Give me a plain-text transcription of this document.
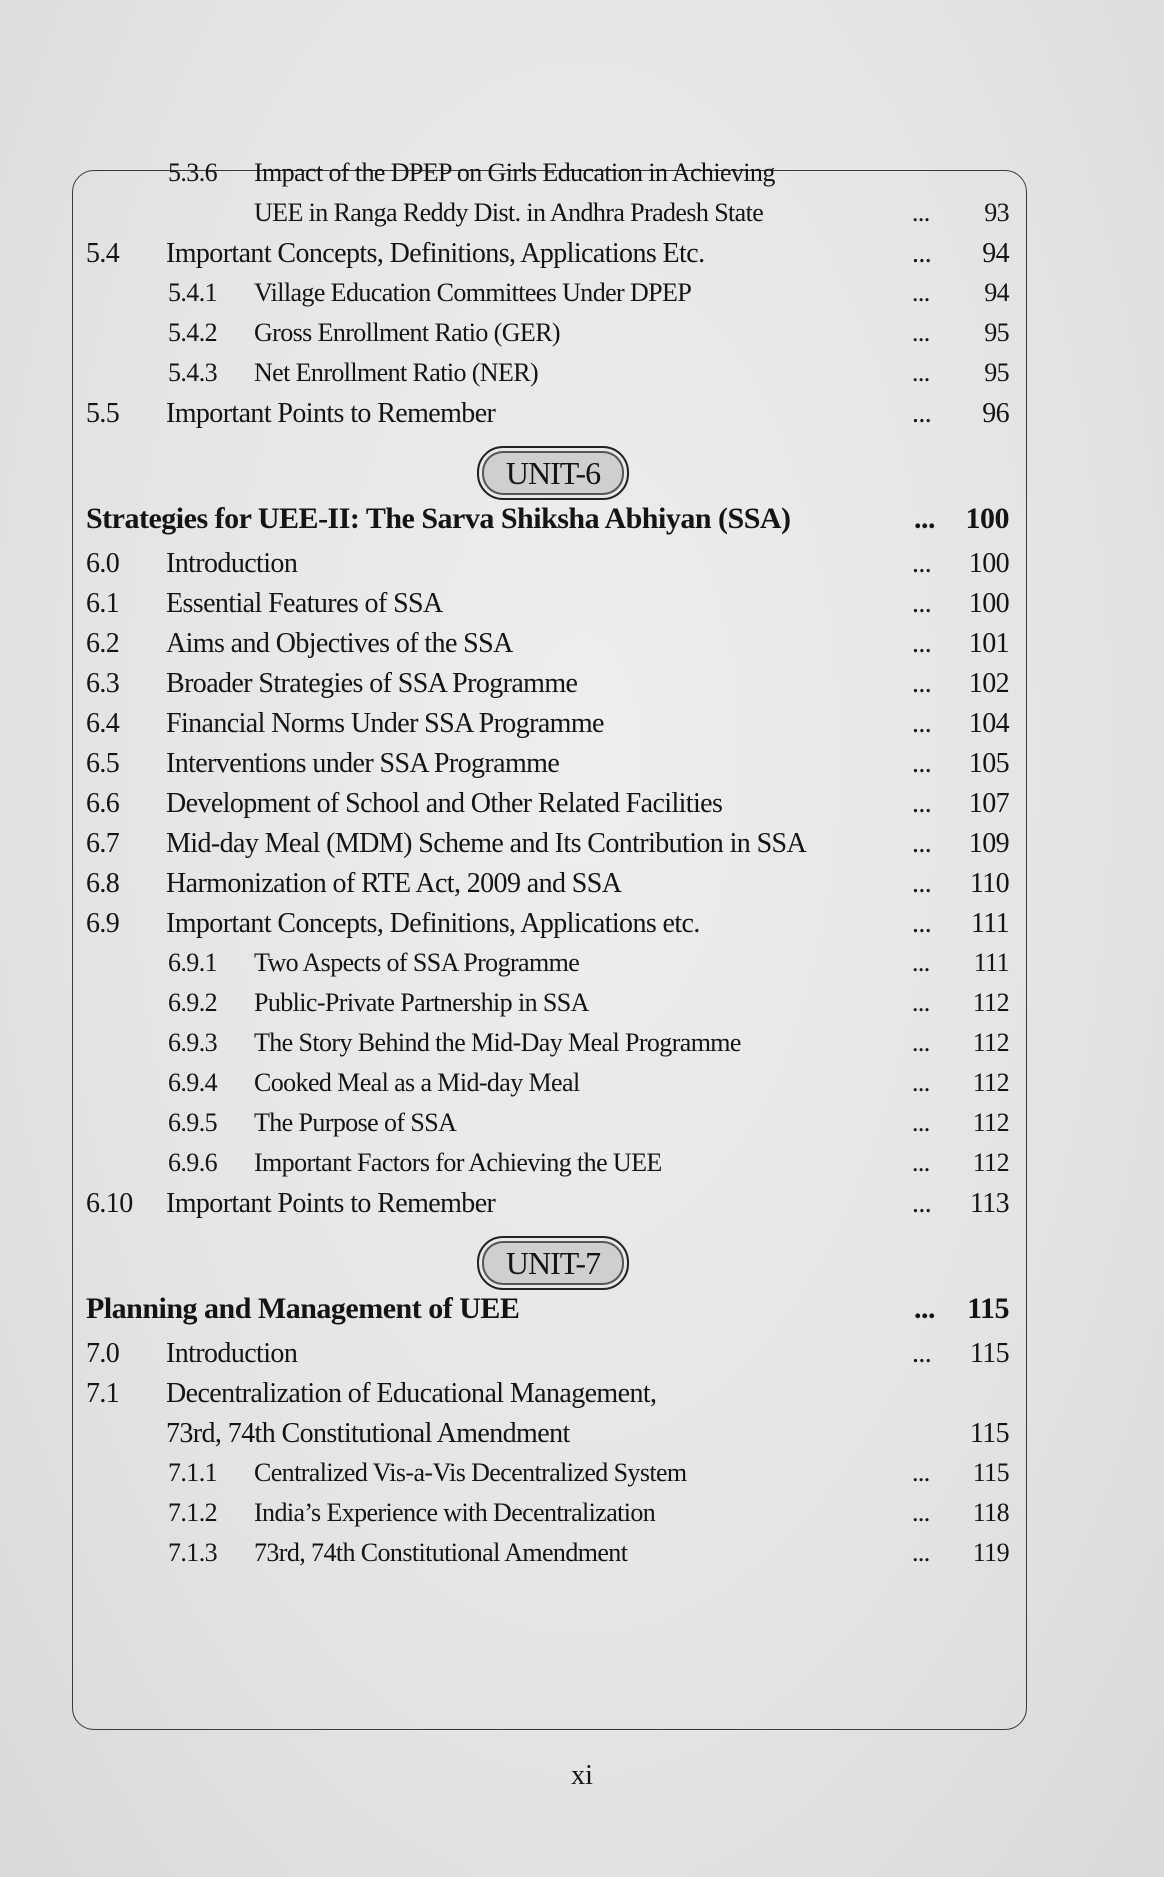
5.3.6 Impact of the DPEP on Girls Education in Achieving
UEE in Ranga Reddy Dist. in Andhra Pradesh State	... 93
5.4 Important Concepts, Definitions, Applications Etc.	... 94
5.4.1 Village Education Committees Under DPEP	... 94
5.4.2 Gross Enrollment Ratio (GER)	... 95
5.4.3 Net Enrollment Ratio (NER)	... 95
5.5 Important Points to Remember	... 96
UNIT-6
Strategies for UEE-II: The Sarva Shiksha Abhiyan (SSA)	... 100
6.0 Introduction	... 100
6.1 Essential Features of SSA	... 100
6.2 Aims and Objectives of the SSA	... 101
6.3 Broader Strategies of SSA Programme	... 102
6.4 Financial Norms Under SSA Programme	... 104
6.5 Interventions under SSA Programme	... 105
6.6 Development of School and Other Related Facilities	... 107
6.7 Mid-day Meal (MDM) Scheme and Its Contribution in SSA	... 109
6.8 Harmonization of RTE Act, 2009 and SSA	... 110
6.9 Important Concepts, Definitions, Applications etc.	... 111
6.9.1 Two Aspects of SSA Programme	... 111
6.9.2 Public-Private Partnership in SSA	... 112
6.9.3 The Story Behind the Mid-Day Meal Programme	... 112
6.9.4 Cooked Meal as a Mid-day Meal	... 112
6.9.5 The Purpose of SSA	... 112
6.9.6 Important Factors for Achieving the UEE	... 112
6.10 Important Points to Remember	... 113
UNIT-7
Planning and Management of UEE	... 115
7.0 Introduction	... 115
7.1 Decentralization of Educational Management,
73rd, 74th Constitutional Amendment	115
7.1.1 Centralized Vis-a-Vis Decentralized System	... 115
7.1.2 India’s Experience with Decentralization	... 118
7.1.3 73rd, 74th Constitutional Amendment	... 119
xi
